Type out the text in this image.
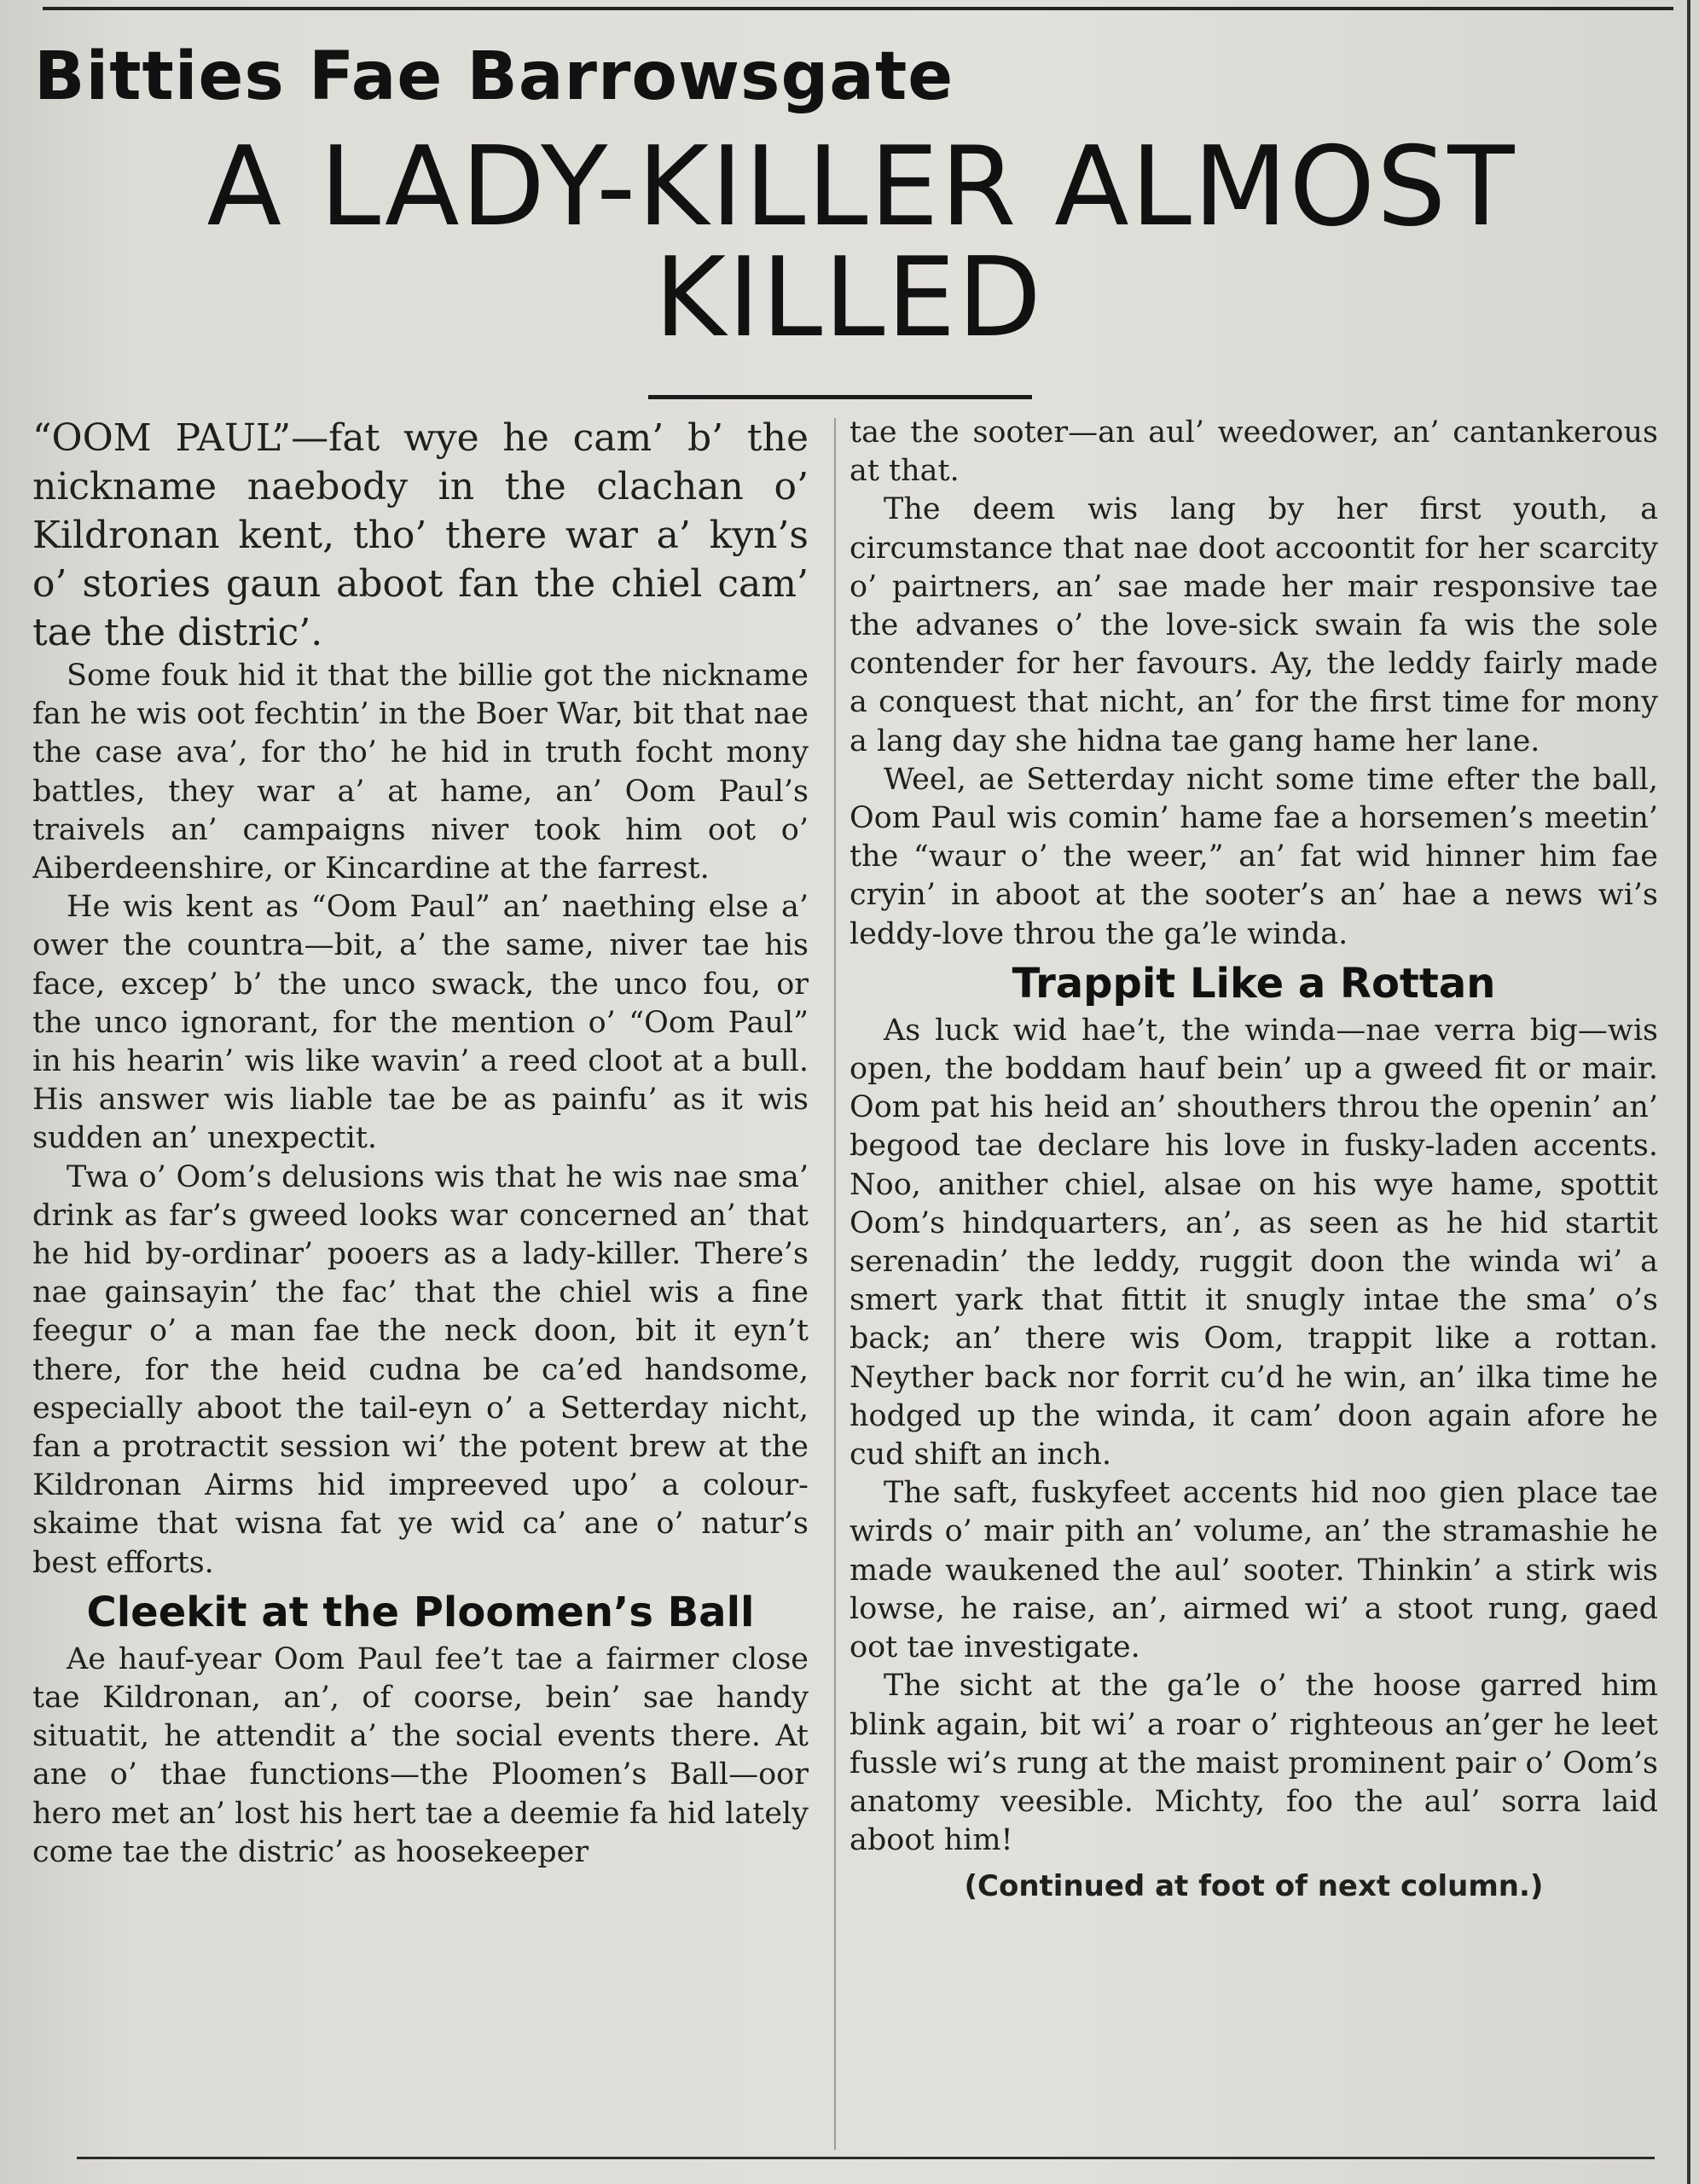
Bitties Fae Barrowsgate
A LADY-KILLER ALMOST
KILLED

“OOM PAUL”—fat wye he cam’ b’ the nickname naebody in the clachan o’ Kildronan kent, tho’ there war a’ kyn’s o’ stories gaun aboot fan the chiel cam’ tae the distric’.

Some fouk hid it that the billie got the nickname fan he wis oot fechtin’ in the Boer War, bit that nae the case ava’, for tho’ he hid in truth focht mony battles, they war a’ at hame, an’ Oom Paul’s traivels an’ campaigns niver took him oot o’ Aiberdeenshire, or Kincardine at the farrest.

He wis kent as “Oom Paul” an’ naething else a’ ower the countra—bit, a’ the same, niver tae his face, excep’ b’ the unco swack, the unco fou, or the unco ignorant, for the mention o’ “Oom Paul” in his hearin’ wis like wavin’ a reed cloot at a bull. His answer wis liable tae be as painfu’ as it wis sudden an’ unexpectit.

Twa o’ Oom’s delusions wis that he wis nae sma’ drink as far’s gweed looks war concerned an’ that he hid by-ordinar’ pooers as a lady-killer. There’s nae gainsayin’ the fac’ that the chiel wis a fine feegur o’ a man fae the neck doon, bit it eyn’t there, for the heid cudna be ca’ed handsome, especially aboot the tail-eyn o’ a Setterday nicht, fan a protractit session wi’ the potent brew at the Kildronan Airms hid impreeved upo’ a colour-skaime that wisna fat ye wid ca’ ane o’ natur’s best efforts.

Cleekit at the Ploomen’s Ball

Ae hauf-year Oom Paul fee’t tae a fairmer close tae Kildronan, an’, of coorse, bein’ sae handy situatit, he attendit a’ the social events there. At ane o’ thae functions—the Ploomen’s Ball—oor hero met an’ lost his hert tae a deemie fa hid lately come tae the distric’ as hoosekeeper

tae the sooter—an aul’ weedower, an’ cantankerous at that.

The deem wis lang by her first youth, a circumstance that nae doot accoontit for her scarcity o’ pairtners, an’ sae made her mair responsive tae the advanes o’ the love-sick swain fa wis the sole contender for her favours. Ay, the leddy fairly made a conquest that nicht, an’ for the first time for mony a lang day she hidna tae gang hame her lane.

Weel, ae Setterday nicht some time efter the ball, Oom Paul wis comin’ hame fae a horsemen’s meetin’ the “waur o’ the weer,” an’ fat wid hinner him fae cryin’ in aboot at the sooter’s an’ hae a news wi’s leddy-love throu the ga’le winda.

Trappit Like a Rottan

As luck wid hae’t, the winda—nae verra big—wis open, the boddam hauf bein’ up a gweed fit or mair. Oom pat his heid an’ shouthers throu the openin’ an’ begood tae declare his love in fusky-laden accents. Noo, anither chiel, alsae on his wye hame, spottit Oom’s hindquarters, an’, as seen as he hid startit serenadin’ the leddy, ruggit doon the winda wi’ a smert yark that fittit it snugly intae the sma’ o’s back; an’ there wis Oom, trappit like a rottan. Neyther back nor forrit cu’d he win, an’ ilka time he hodged up the winda, it cam’ doon again afore he cud shift an inch.

The saft, fuskyfeet accents hid noo gien place tae wirds o’ mair pith an’ volume, an’ the stramashie he made waukened the aul’ sooter. Thinkin’ a stirk wis lowse, he raise, an’, airmed wi’ a stoot rung, gaed oot tae investigate.

The sicht at the ga’le o’ the hoose garred him blink again, bit wi’ a roar o’ righteous an’ger he leet fussle wi’s rung at the maist prominent pair o’ Oom’s anatomy veesible. Michty, foo the aul’ sorra laid aboot him!

(Continued at foot of next column.)
